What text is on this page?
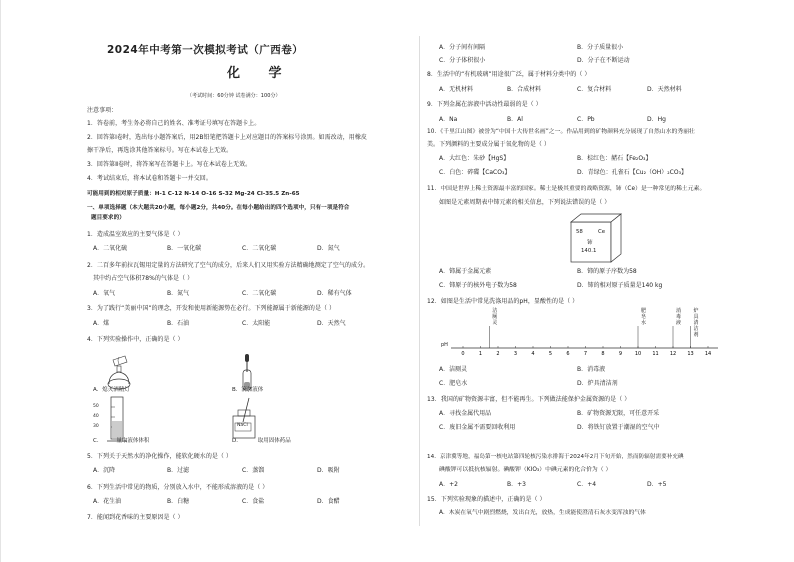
2024年中考第一次模拟考试（广西卷）
化 学
（考试时间：60分钟 试卷满分：100分）
注意事项：
1．答卷前，考生务必将自己的姓名、准考证号填写在答题卡上。
2．回答第Ⅰ卷时，选出每小题答案后，用2B铅笔把答题卡上对应题目的答案标号涂黑。如需改动，用橡皮
擦干净后，再选涂其他答案标号。写在本试卷上无效。
3．回答第Ⅱ卷时，将答案写在答题卡上。写在本试卷上无效。
4．考试结束后，将本试卷和答题卡一并交回。
可能用到的相对原子质量：H-1 C-12 N-14 O-16 S-32 Mg-24 Cl-35.5 Zn-65
一、单项选择题（本大题共20小题，每小题2分，共40分。在每小题给出的四个选项中，只有一项是符合
题目要求的）
1．造成温室效应的主要气体是（ ）
A．二氧化硫	B．一氧化碳	C．二氧化碳	D．氮气
2．二百多年前拉瓦锡用定量的方法研究了空气的成分，后来人们又用实验方法精确地测定了空气的成分。
其中约占空气体积78%的气体是（ ）
A．氧气	B．氮气	C．二氧化碳	D．稀有气体
3．为了践行“美丽中国”的理念，开发和使用新能源势在必行。下列能源属于新能源的是（ ）
A．煤	B．石油	C．太阳能	D．天然气
4．下列实验操作中，正确的是（ ）
A．熄灭酒精灯	B．滴加液体
50
40
30
C．	量取液体体积
NaCl
D．	取用固体药品
5．下列关于天然水的净化操作，能软化硬水的是（ ）
A．沉降	B．过滤	C．蒸馏	D．吸附
6．下列生活中常见的物质，分别放入水中，不能形成溶液的是（ ）
A．花生油	B．白糖	C．食盐	D．食醋
7．能闻到花香味的主要原因是（ ）
A．分子间有间隔	B．分子质量很小
C．分子体积很小	D．分子在不断运动
8．生活中的“有机玻璃”用途很广泛，属于材料分类中的（ ）
A．无机材料	B．合成材料	C．复合材料	D．天然材料
9．下列金属在溶液中活动性最弱的是（ ）
A．Na	B．Al	C．Pb	D．Hg
10．《千里江山图》被誉为“中国十大传世名画”之一。作品用到的矿物颜料充分展现了自然山水的秀丽壮
美。下列颜料的主要成分属于氧化物的是（ ）
A．大红色：朱砂【HgS】	B．棕红色：赭石【Fe₂O₃】
C．白色：碎碟【CaCO₃】	D．青绿色：孔雀石【Cu₂（OH）₂CO₃】
11．中国是世界上稀土资源最丰富的国家。稀土是极其重要的战略资源，铈（Ce）是一种常见的稀土元素。
如图是元素周期表中铈元素的相关信息，下列说法错误的是（ ）
58	Ce
铈
140.1
A．铈属于金属元素	B．铈的原子序数为58
C．铈原子的核外电子数为58	D．铈的相对原子质量是140 kg
12．如图是生活中常见洗涤用品的pH，显酸性的是（ ）
0	1	2	3	4	5	6	7	8	9	10 11 12 13 14
洁
厕
灵
消
毒
液
肥
皂
水
炉
具
清
洁
剂
pH
A．洁厕灵	B．消毒液
C．肥皂水	D．炉具清洁剂
13．我国的矿物资源丰富，但不能再生。下列做法能保护金属资源的是（ ）
A．寻找金属代用品	B．矿物资源无限，可任意开采
C．废旧金属不需要回收利用	D．将铁钉放置于潮湿的空气中
14．京津冀等地，福岛第一核电站第四轮核污染水排海于2024年2月下旬开始，然而防辐射需要补充碘
碘酸钾可以抵抗核辐射。碘酸钾（KIO₃）中碘元素的化合价为（ ）
A．+2	B．+3	C．+4	D．+5
15．下列实验现象的描述中，正确的是（ ）
A．木炭在氧气中剧烈燃烧，发出白光，放热，生成能使澄清石灰水变浑浊的气体
